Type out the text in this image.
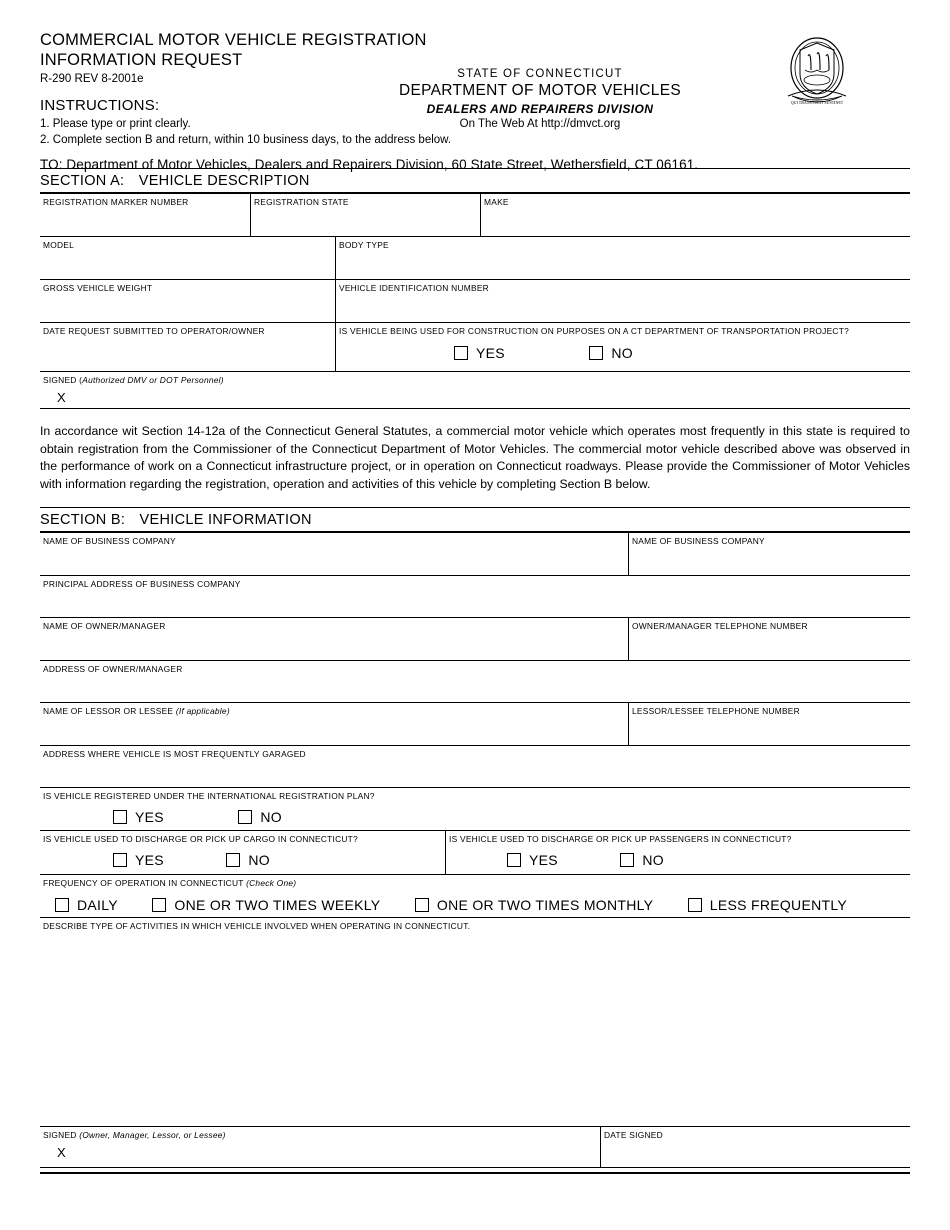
COMMERCIAL MOTOR VEHICLE REGISTRATION
INFORMATION REQUEST
R-290 REV 8-2001e
INSTRUCTIONS:
1. Please type or print clearly.
2. Complete section B and return, within 10 business days, to the address below.
TO: Department of Motor Vehicles, Dealers and Repairers Division, 60 State Street, Wethersfield, CT 06161.
STATE OF CONNECTICUT
DEPARTMENT OF MOTOR VEHICLES
DEALERS AND REPAIRERS DIVISION
On The Web At http://dmvct.org
QUI TRANSTULIT SUSTINET
SECTION A: VEHICLE DESCRIPTION
REGISTRATION MARKER NUMBER	REGISTRATION STATE	MAKE
MODEL	BODY TYPE
GROSS VEHICLE WEIGHT	VEHICLE IDENTIFICATION NUMBER
DATE REQUEST SUBMITTED TO OPERATOR/OWNER	IS VEHICLE BEING USED FOR CONSTRUCTION ON PURPOSES ON A CT DEPARTMENT OF TRANSPORTATION PROJECT?
YES
	NO
SIGNED (Authorized DMV or DOT Personnel)
X
In accordance wit Section 14-12a of the Connecticut General Statutes, a commercial motor vehicle which operates most frequently in this state is required to obtain registration from the Commissioner of the Connecticut Department of Motor Vehicles. The commercial motor vehicle described above was observed in the performance of work on a Connecticut infrastructure project, or in operation on Connecticut roadways. Please provide the Commissioner of Motor Vehicles with information regarding the registration, operation and activities of this vehicle by completing Section B below.
SECTION B: VEHICLE INFORMATION
NAME OF BUSINESS COMPANY	NAME OF BUSINESS COMPANY
PRINCIPAL ADDRESS OF BUSINESS COMPANY
NAME OF OWNER/MANAGER	OWNER/MANAGER TELEPHONE NUMBER
ADDRESS OF OWNER/MANAGER
NAME OF LESSOR OR LESSEE (If applicable)	LESSOR/LESSEE TELEPHONE NUMBER
ADDRESS WHERE VEHICLE IS MOST FREQUENTLY GARAGED
IS VEHICLE REGISTERED UNDER THE INTERNATIONAL REGISTRATION PLAN?
YES
	NO
IS VEHICLE USED TO DISCHARGE OR PICK UP CARGO IN CONNECTICUT?
YES
	NO
IS VEHICLE USED TO DISCHARGE OR PICK UP PASSENGERS IN CONNECTICUT?
YES
	NO
FREQUENCY OF OPERATION IN CONNECTICUT (Check One)
DAILY
	ONE OR TWO TIMES WEEKLY
	ONE OR TWO TIMES MONTHLY
	LESS FREQUENTLY
DESCRIBE TYPE OF ACTIVITIES IN WHICH VEHICLE INVOLVED WHEN OPERATING IN CONNECTICUT.
SIGNED (Owner, Manager, Lessor, or Lessee)
X
DATE SIGNED
